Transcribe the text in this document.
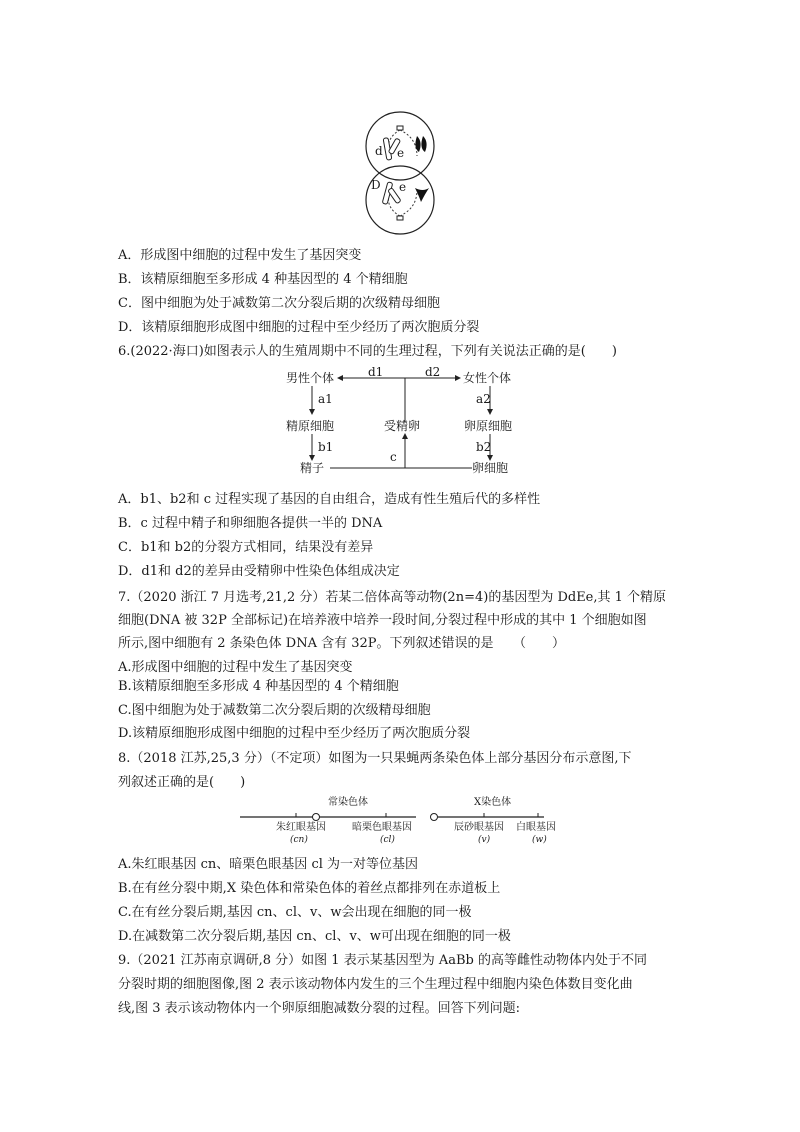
d e
D e
A．形成图中细胞的过程中发生了基因突变
B．该精原细胞至多形成 4 种基因型的 4 个精细胞
C．图中细胞为处于减数第二次分裂后期的次级精母细胞
D．该精原细胞形成图中细胞的过程中至少经历了两次胞质分裂
6.(2022·海口)如图表示人的生殖周期中不同的生理过程，下列有关说法正确的是(　　)
男性个体	女性个体
d1	d2
a1	a2
精原细胞	受精卵	卵原细胞
b1	b2
精子
c
卵细胞
A．b1、b2和 c 过程实现了基因的自由组合，造成有性生殖后代的多样性
B．c 过程中精子和卵细胞各提供一半的 DNA
C．b1和 b2的分裂方式相同，结果没有差异
D．d1和 d2的差异由受精卵中性染色体组成决定
7.（2020 浙江 7 月选考,21,2 分）若某二倍体高等动物(2n=4)的基因型为 DdEe,其 1 个精原
细胞(DNA 被 32P 全部标记)在培养液中培养一段时间,分裂过程中形成的其中 1 个细胞如图
所示,图中细胞有 2 条染色体 DNA 含有 32P。下列叙述错误的是　　（　　）
A.形成图中细胞的过程中发生了基因突变
B.该精原细胞至多形成 4 种基因型的 4 个精细胞
C.图中细胞为处于减数第二次分裂后期的次级精母细胞
D.该精原细胞形成图中细胞的过程中至少经历了两次胞质分裂
8.（2018 江苏,25,3 分）（不定项）如图为一只果蝇两条染色体上部分基因分布示意图,下
列叙述正确的是(　　)
常染色体	X染色体
朱红眼基因
(cn)
暗栗色眼基因
(cl)
辰砂眼基因
(v)
白眼基因
(w)
A.朱红眼基因 cn、暗栗色眼基因 cl 为一对等位基因
B.在有丝分裂中期,X 染色体和常染色体的着丝点都排列在赤道板上
C.在有丝分裂后期,基因 cn、cl、v、w会出现在细胞的同一极
D.在减数第二次分裂后期,基因 cn、cl、v、w可出现在细胞的同一极
9.（2021 江苏南京调研,8 分）如图 1 表示某基因型为 AaBb 的高等雌性动物体内处于不同
分裂时期的细胞图像,图 2 表示该动物体内发生的三个生理过程中细胞内染色体数目变化曲
线,图 3 表示该动物体内一个卵原细胞减数分裂的过程。回答下列问题:
